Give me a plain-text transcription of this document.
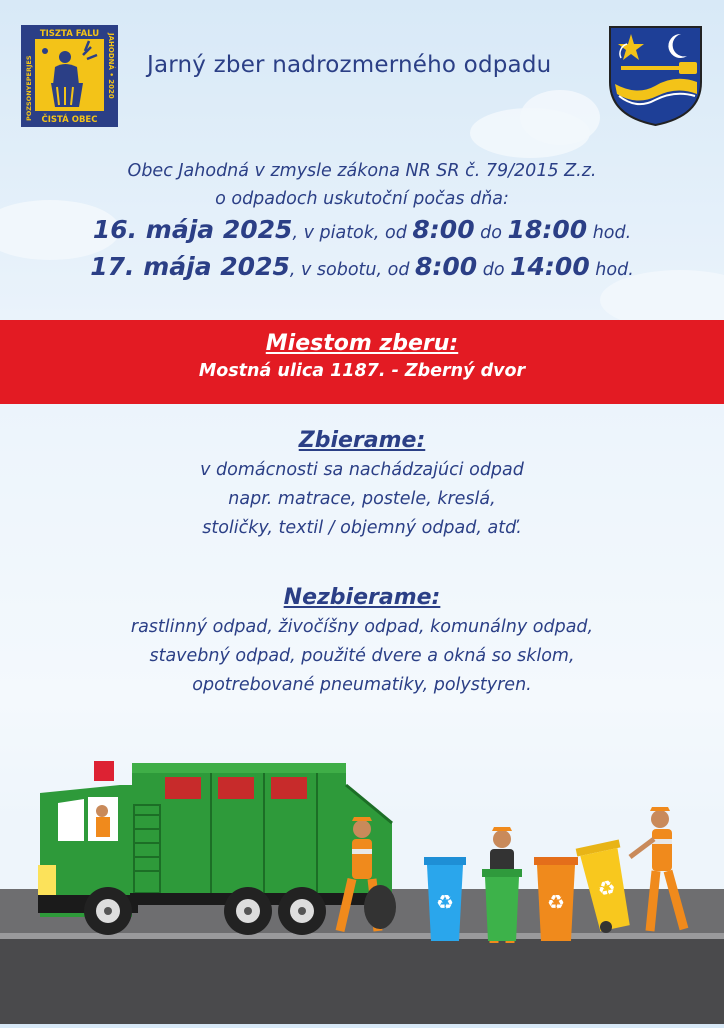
TISZTA FALU
ČISTÁ OBEC
POZSONYEPERJES	JAHODNÁ • 2020 Jarný zber nadrozmerného odpadu
Obec Jahodná v zmysle zákona NR SR č. 79/2015 Z.z.
o odpadoch uskutoční počas dňa:
16. mája 2025, v piatok, od 8:00 do 18:00 hod.
17. mája 2025, v sobotu, od 8:00 do 14:00 hod.
Miestom zberu:
Mostná ulica 1187. - Zberný dvor
Zbierame:
v domácnosti sa nachádzajúci odpad
napr. matrace, postele, kreslá,
stoličky, textil / objemný odpad, atď.
Nezbierame:
rastlinný odpad, živočíšny odpad, komunálny odpad,
stavebný odpad, použité dvere a okná so sklom,
opotrebované pneumatiky, polystyren.
♻	♻
♻
